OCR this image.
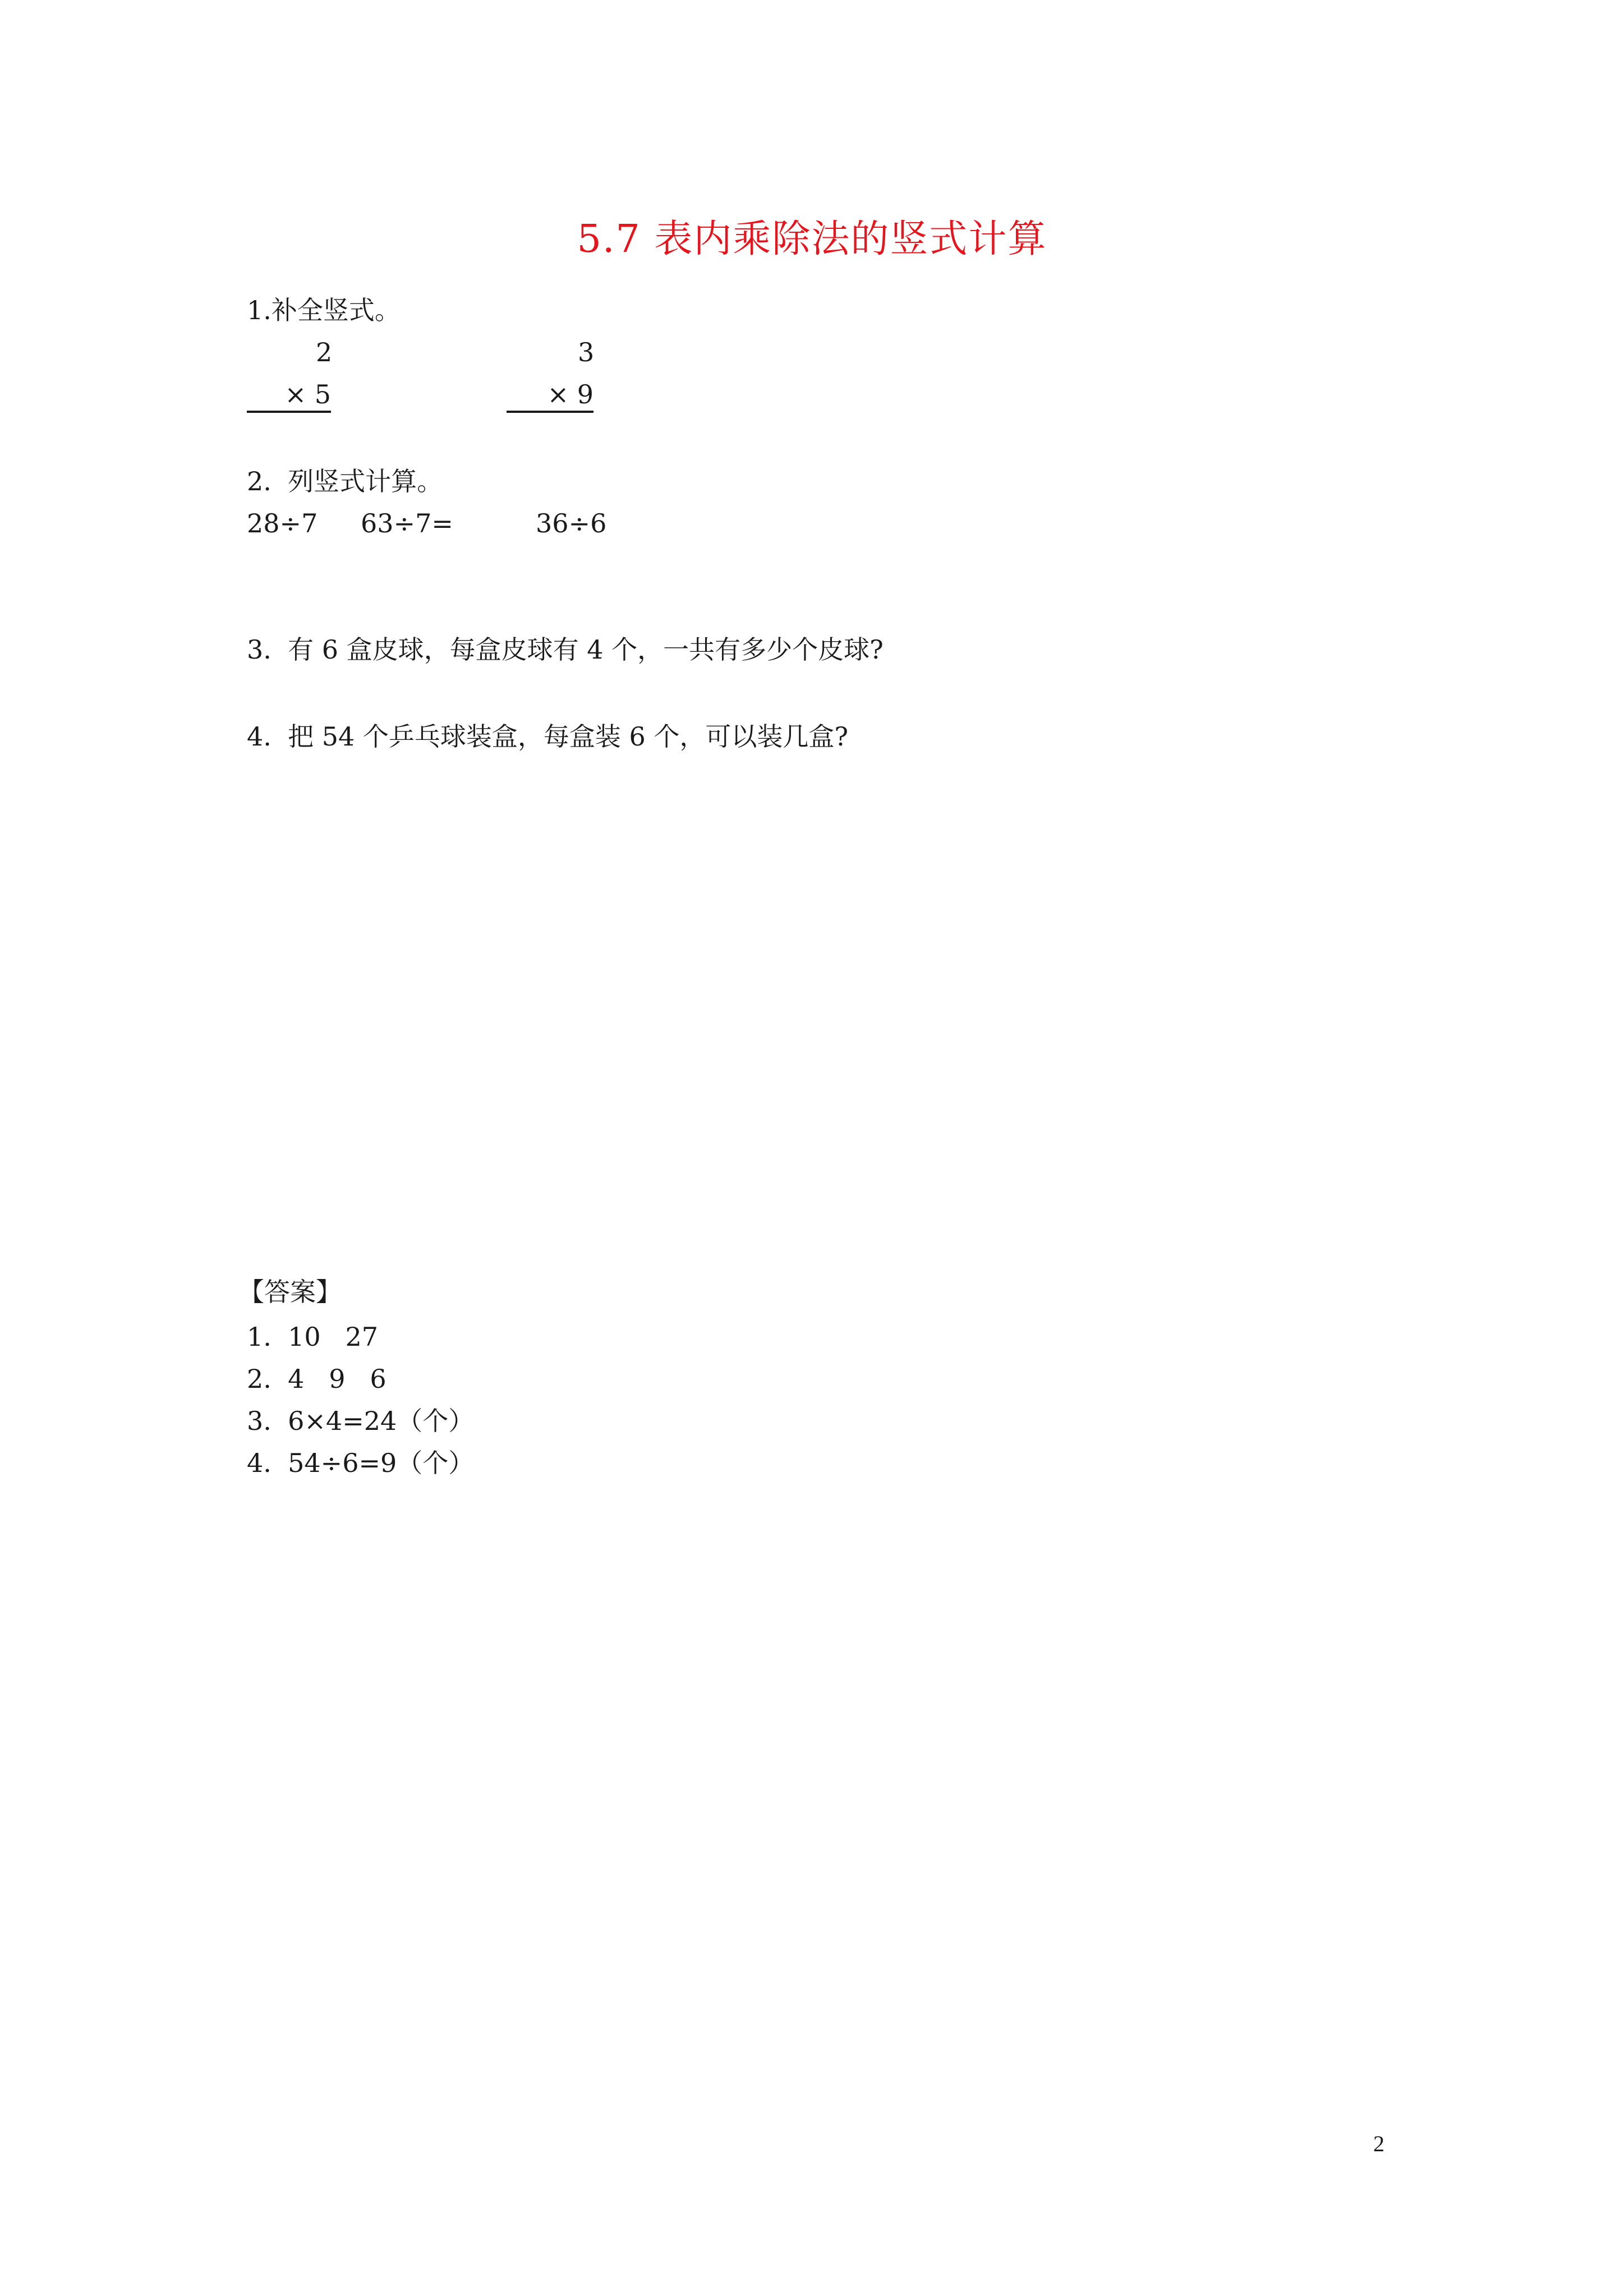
5.7 表内乘除法的竖式计算
1.补全竖式。
2
× 5
3
× 9
2.  列竖式计算。
28÷7 63÷7=	36÷6
3.  有 6 盒皮球，每盒皮球有 4 个，一共有多少个皮球?
4.  把 54 个乒乓球装盒，每盒装 6 个，可以装几盒?
【答案】
1.  10   27
2.  4   9   6
3.  6×4=24（个）
4.  54÷6=9（个）
2
